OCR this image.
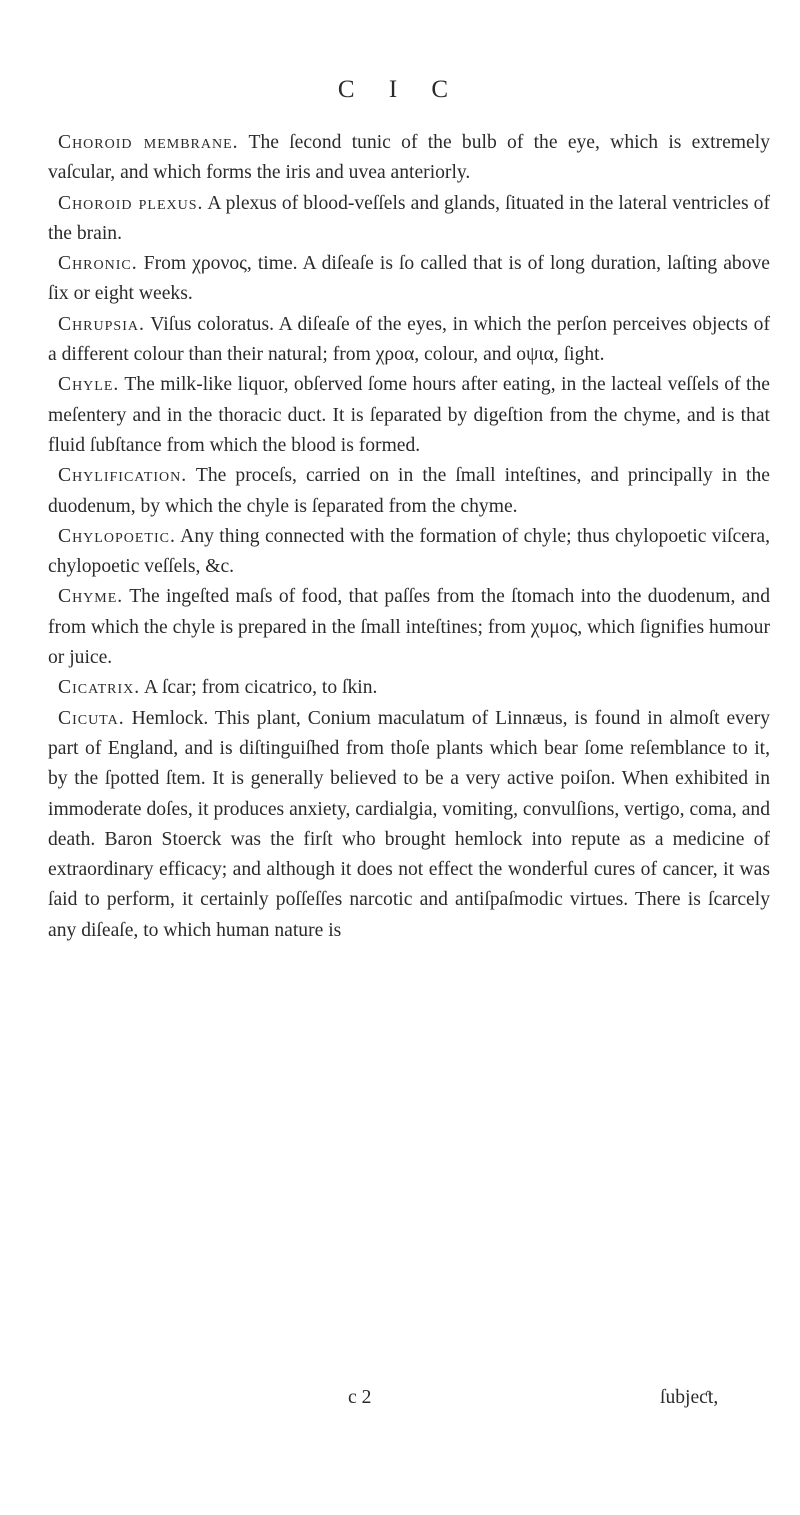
C I C

Choroid membrane. The ſecond tunic of the bulb of the eye, which is extremely vaſcular, and which forms the iris and uvea anteriorly.

Choroid plexus. A plexus of blood-veſſels and glands, ſituated in the lateral ventricles of the brain.

Chronic. From χρονος, time. A diſeaſe is ſo called that is of long duration, laſting above ſix or eight weeks.

Chrupsia. Viſus coloratus. A diſeaſe of the eyes, in which the perſon perceives objects of a different colour than their natural; from χροα, colour, and οψια, ſight.

Chyle. The milk-like liquor, obſerved ſome hours after eating, in the lacteal veſſels of the meſentery and in the thoracic duct. It is ſeparated by digeſtion from the chyme, and is that fluid ſubſtance from which the blood is formed.

Chylification. The proceſs, carried on in the ſmall inteſtines, and principally in the duodenum, by which the chyle is ſeparated from the chyme.

Chylopoetic. Any thing connected with the formation of chyle; thus chylopoetic viſcera, chylopoetic veſſels, &c.

Chyme. The ingeſted maſs of food, that paſſes from the ſtomach into the duodenum, and from which the chyle is prepared in the ſmall inteſtines; from χυμος, which ſignifies humour or juice.

Cicatrix. A ſcar; from cicatrico, to ſkin.

Cicuta. Hemlock. This plant, Conium maculatum of Linnæus, is found in almoſt every part of England, and is diſtinguiſhed from thoſe plants which bear ſome reſemblance to it, by the ſpotted ſtem. It is generally believed to be a very active poiſon. When exhibited in immoderate doſes, it produces anxiety, cardialgia, vomiting, convulſions, vertigo, coma, and death. Baron Stoerck was the firſt who brought hemlock into repute as a medicine of extraordinary efficacy; and although it does not effect the wonderful cures of cancer, it was ſaid to perform, it certainly poſſeſſes narcotic and antiſpaſmodic virtues. There is ſcarcely any diſeaſe, to which human nature is

c 2	ſubjeƈt,
